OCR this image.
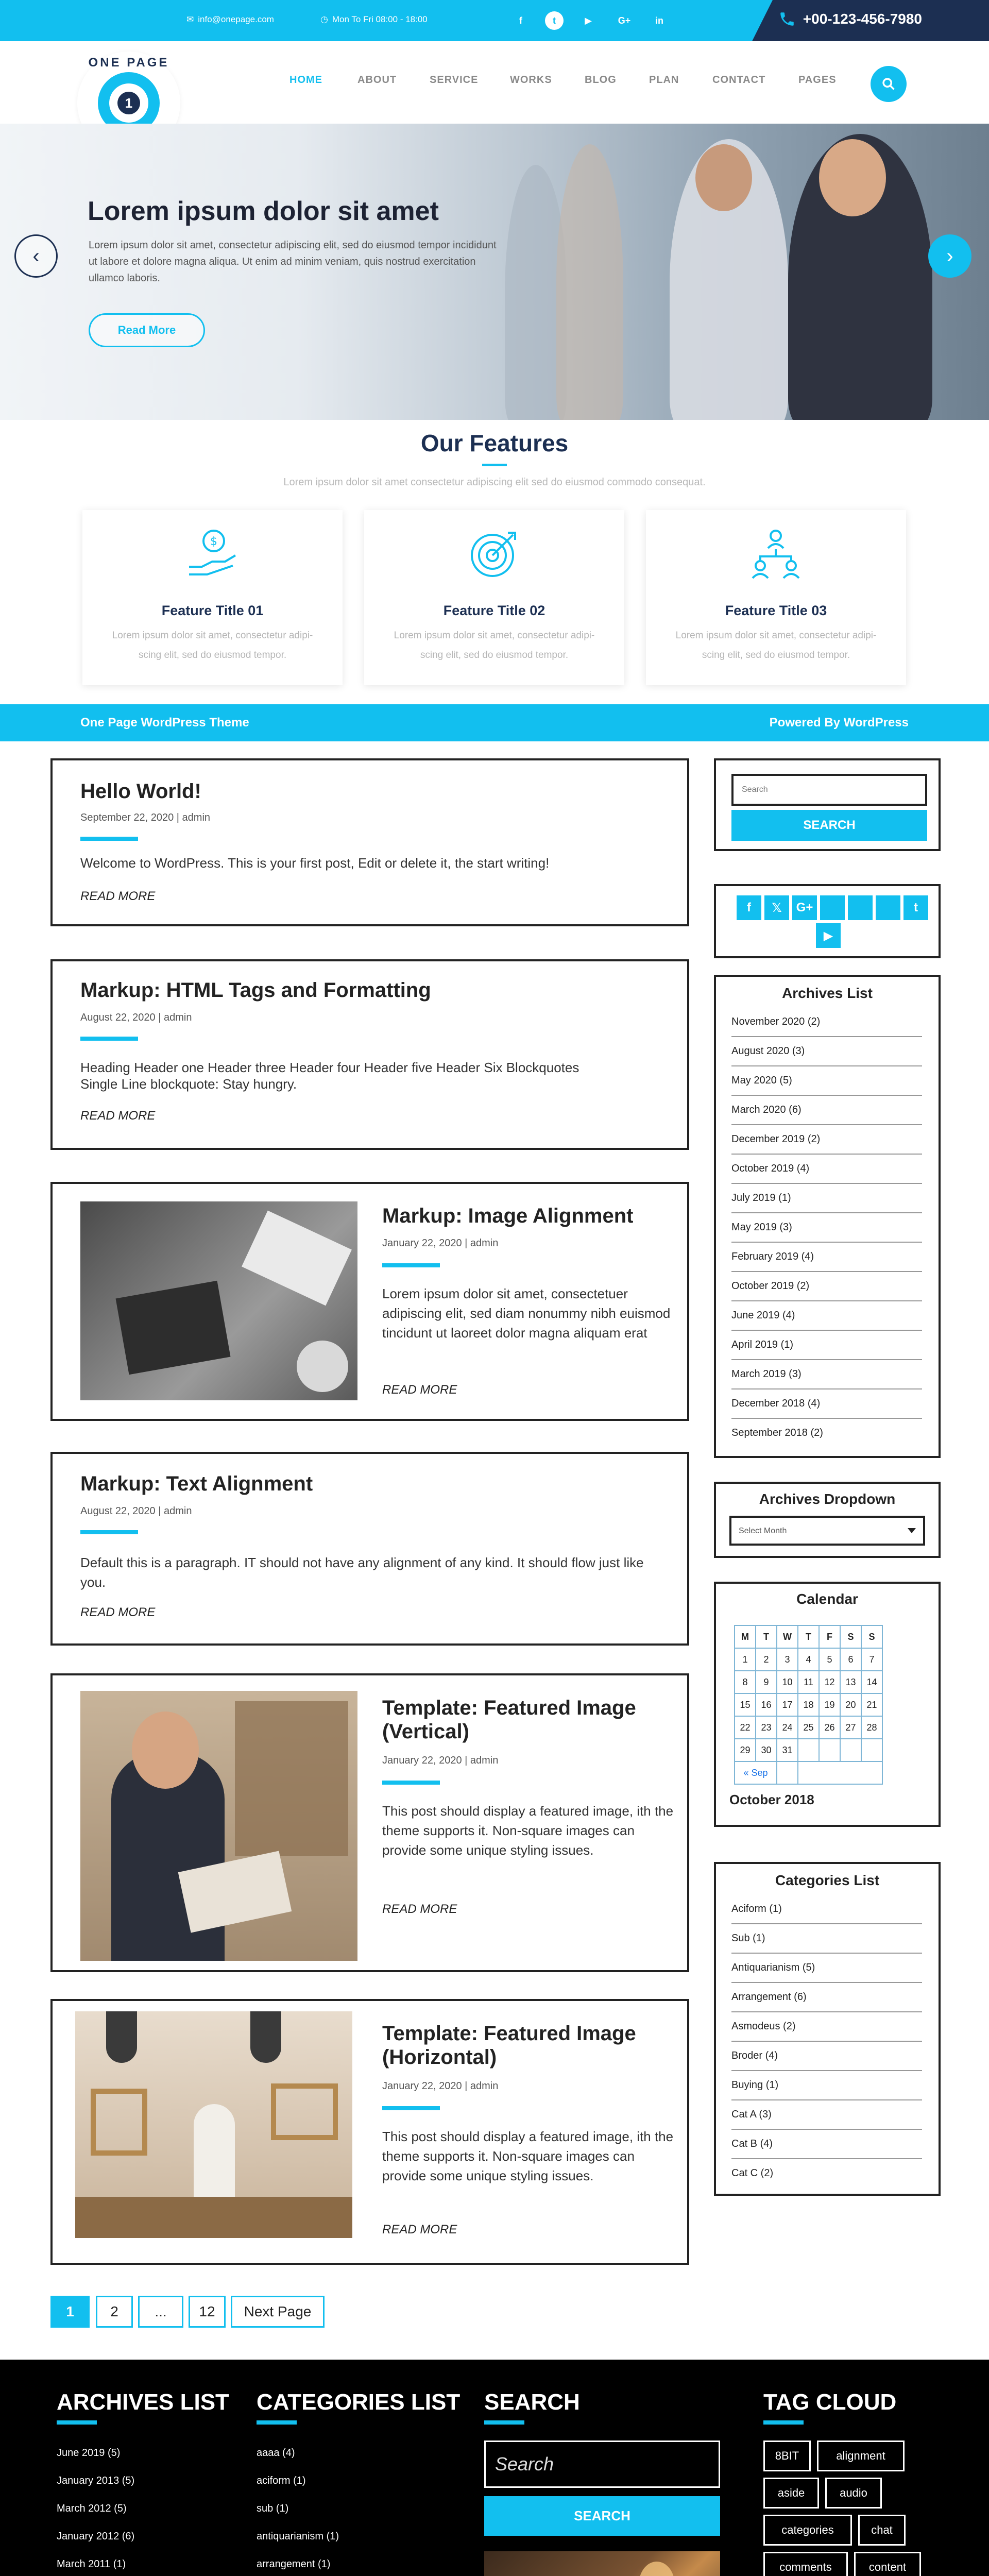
✉ info@onepage.com	◷ Mon To Fri 08:00 - 18:00	f	t	▶	G+	in	+00-123-456-7980
ONE PAGE
1
HOME	ABOUT	SERVICE	WORKS	BLOG	PLAN	CONTACT	PAGES
Lorem ipsum dolor sit amet
Lorem ipsum dolor sit amet, consectetur adipiscing elit, sed do eiusmod tempor incididunt ut labore et dolore magna aliqua. Ut enim ad minim veniam, quis nostrud exercitation ullamco laboris.
Read More
‹	›
Our Features
Lorem ipsum dolor sit amet consectetur adipiscing elit sed do eiusmod commodo consequat.
$
Feature Title 01
Lorem ipsum dolor sit amet, consectetur adipi-scing elit, sed do eiusmod tempor.
Feature Title 02
Lorem ipsum dolor sit amet, consectetur adipi-scing elit, sed do eiusmod tempor.
Feature Title 03
Lorem ipsum dolor sit amet, consectetur adipi-scing elit, sed do eiusmod tempor.
One Page WordPress Theme	Powered By WordPress
Hello World!
September 22, 2020 | admin
Welcome to WordPress. This is your first post, Edit or delete it, the start writing!
READ MORE
Markup: HTML Tags and Formatting
August 22, 2020 | admin
Heading Header one Header three Header four Header five Header Six Blockquotes Single Line blockquote: Stay hungry.
READ MORE
Markup: Image Alignment
January 22, 2020 | admin
Lorem ipsum dolor sit amet, consectetuer adipiscing elit, sed diam nonummy nibh euismod tincidunt ut laoreet dolor magna aliquam erat
READ MORE
Markup: Text Alignment
August 22, 2020 | admin
Default this is a paragraph. IT should not have any alignment of any kind. It should flow just like you.
READ MORE
Template: Featured Image (Vertical)
January 22, 2020 | admin
This post should display a featured image, ith the theme supports it. Non-square images can provide some unique styling issues.
READ MORE
Template: Featured Image (Horizontal)
January 22, 2020 | admin
This post should display a featured image, ith the theme supports it. Non-square images can provide some unique styling issues.
READ MORE
Search
SEARCH
f	𝕏	G+	t
▶
Archives List
November 2020 (2)
August 2020 (3)
May 2020 (5)
March 2020 (6)
December 2019 (2)
October 2019 (4)
July 2019 (1)
May 2019 (3)
February 2019 (4)
October 2019 (2)
June 2019 (4)
April 2019 (1)
March 2019 (3)
December 2018 (4)
September 2018 (2)
Archives Dropdown
Select Month
Calendar
M	T	W	T	F	S	S
1	2	3	4	5	6	7
8	9	10	11	12	13	14
15	16	17	18	19	20	21
22	23	24	25	26	27	28
29	30	31				
« Sep						
October 2018
Categories List
Aciform (1)
Sub (1)
Antiquarianism (5)
Arrangement (6)
Asmodeus (2)
Broder (4)
Buying (1)
Cat A (3)
Cat B (4)
Cat C (2)
1	2	...	12	Next Page
ARCHIVES LIST
June 2019 (5)
January 2013 (5)
March 2012 (5)
January 2012 (6)
March 2011 (1)
CATEGORIES LIST
aaaa (4)
aciform (1)
sub (1)
antiquarianism (1)
arrangement (1)
SEARCH
Search
SEARCH
TAG CLOUD
8BIT	alignment
aside	audio
categories	chat
comments	content
